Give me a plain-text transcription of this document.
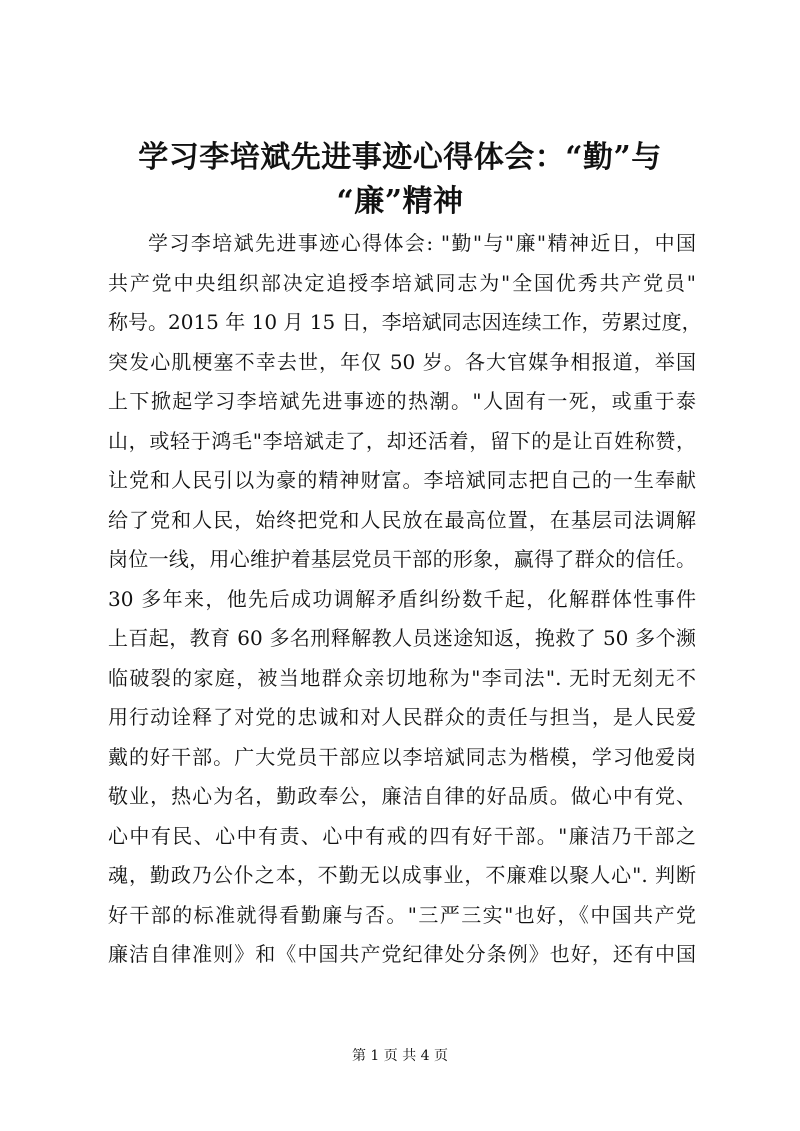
学习李培斌先进事迹心得体会：“勤”与
“廉”精神
学习李培斌先进事迹心得体会: "勤"与"廉"精神近日，中国
共产党中央组织部决定追授李培斌同志为"全国优秀共产党员"
称号。2015 年 10 月 15 日，李培斌同志因连续工作，劳累过度，
突发心肌梗塞不幸去世，年仅 50 岁。各大官媒争相报道，举国
上下掀起学习李培斌先进事迹的热潮。"人固有一死，或重于泰
山，或轻于鸿毛"李培斌走了，却还活着，留下的是让百姓称赞，
让党和人民引以为豪的精神财富。李培斌同志把自己的一生奉献
给了党和人民，始终把党和人民放在最高位置，在基层司法调解
岗位一线，用心维护着基层党员干部的形象，赢得了群众的信任。
30 多年来，他先后成功调解矛盾纠纷数千起，化解群体性事件
上百起，教育 60 多名刑释解教人员迷途知返，挽救了 50 多个濒
临破裂的家庭，被当地群众亲切地称为"李司法". 无时无刻无不
用行动诠释了对党的忠诚和对人民群众的责任与担当，是人民爱
戴的好干部。广大党员干部应以李培斌同志为楷模，学习他爱岗
敬业，热心为名，勤政奉公，廉洁自律的好品质。做心中有党、
心中有民、心中有责、心中有戒的四有好干部。"廉洁乃干部之
魂，勤政乃公仆之本，不勤无以成事业，不廉难以聚人心". 判断
好干部的标准就得看勤廉与否。"三严三实"也好，《中国共产党
廉洁自律准则》和《中国共产党纪律处分条例》也好，还有中国
第 1 页 共 4 页
